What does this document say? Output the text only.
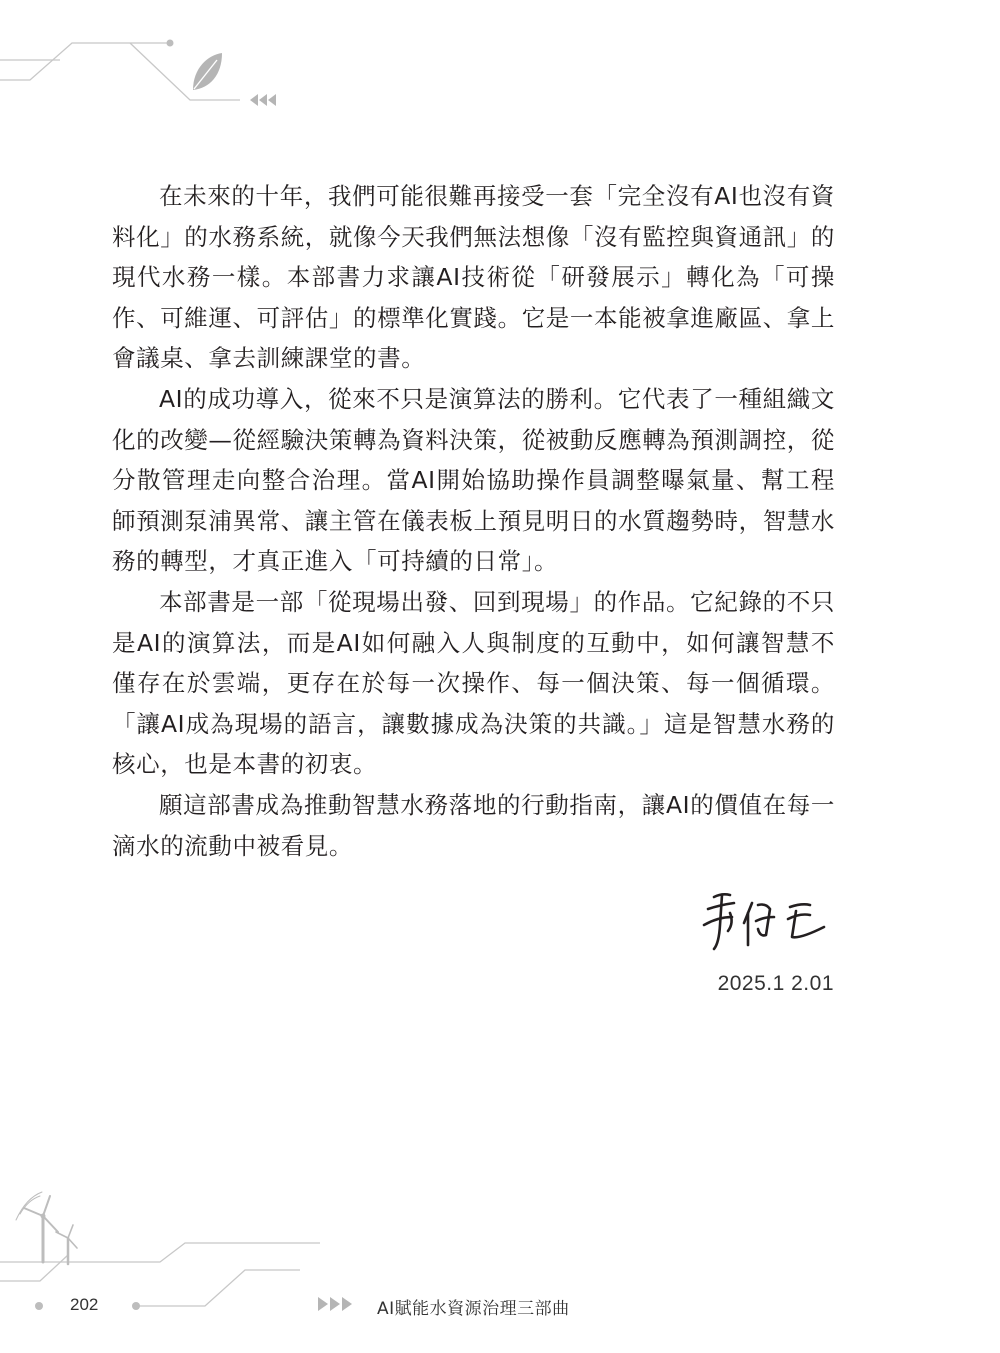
在未來的十年，我們可能很難再接受一套「完全沒有AI也沒有資料化」的水務系統，就像今天我們無法想像「沒有監控與資通訊」的現代水務一樣。本部書力求讓AI技術從「研發展示」轉化為「可操作、可維運、可評估」的標準化實踐。它是一本能被拿進廠區、拿上會議桌、拿去訓練課堂的書。

AI的成功導入，從來不只是演算法的勝利。它代表了一種組織文化的改變—從經驗決策轉為資料決策，從被動反應轉為預測調控，從分散管理走向整合治理。當AI開始協助操作員調整曝氣量、幫工程師預測泵浦異常、讓主管在儀表板上預見明日的水質趨勢時，智慧水務的轉型，才真正進入「可持續的日常」。

本部書是一部「從現場出發、回到現場」的作品。它紀錄的不只是AI的演算法，而是AI如何融入人與制度的互動中，如何讓智慧不僅存在於雲端，更存在於每一次操作、每一個決策、每一個循環。「讓AI成為現場的語言，讓數據成為決策的共識。」這是智慧水務的核心，也是本書的初衷。

願這部書成為推動智慧水務落地的行動指南，讓AI的價值在每一滴水的流動中被看見。

2025.1 2.01
202	AI賦能水資源治理三部曲
